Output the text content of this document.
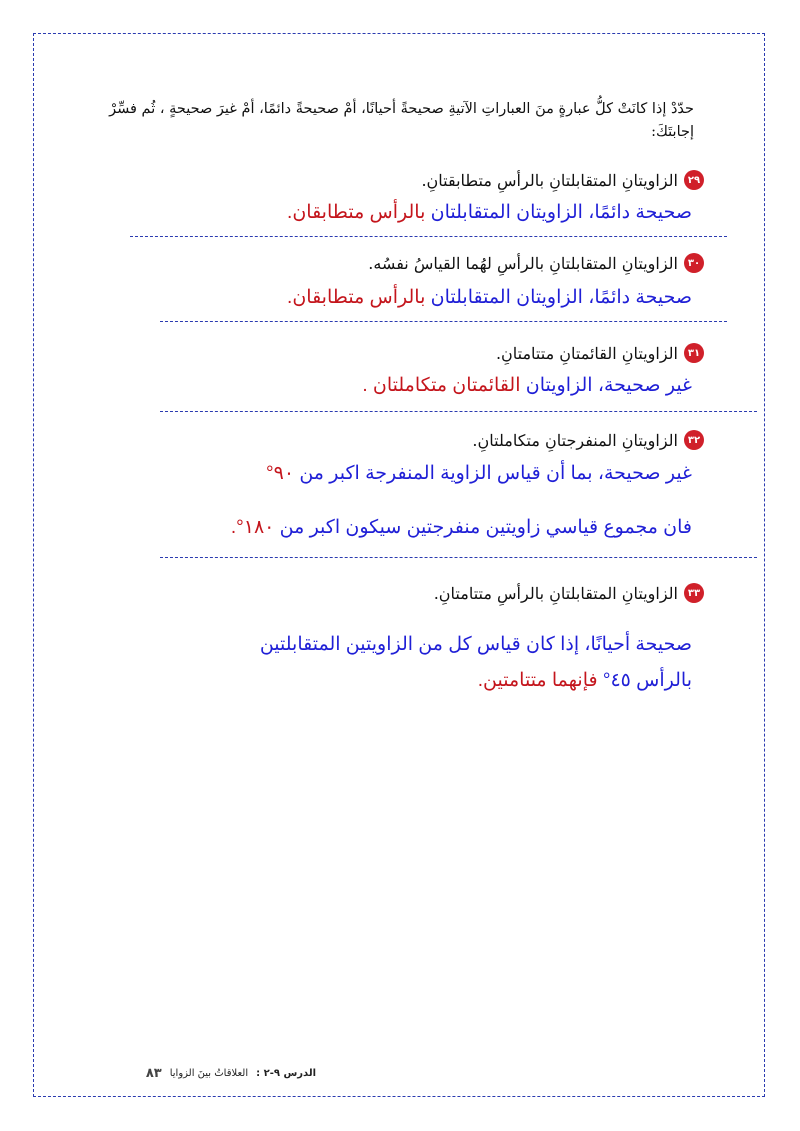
حدّدْ إذا كانَتْ كلُّ عبارةٍ منَ العباراتِ الآتيةِ صحيحةً أحيانًا، أمْ صحيحةً دائمًا، أمْ غيرَ صحيحةٍ ، ثُم فسِّرْ إجابتَكَ:
٢٩
الزاويتانِ المتقابلتانِ بالرأسِ متطابقتانِ.
صحيحة دائمًا، الزاويتان المتقابلتان بالرأس متطابقان.
٣٠
الزاويتانِ المتقابلتانِ بالرأسِ لهُما القياسُ نفسُه.
صحيحة دائمًا، الزاويتان المتقابلتان بالرأس متطابقان.
٣١
الزاويتانِ القائمتانِ متتامتانِ.
غير صحيحة، الزاويتان القائمتان متكاملتان .
٣٢
الزاويتانِ المنفرجتانِ متكاملتانِ.
غير صحيحة، بما أن قياس الزاوية المنفرجة اكبر من ٩٠°
فان مجموع قياسي زاويتين منفرجتين سيكون اكبر من ١٨٠°.
٣٣
الزاويتانِ المتقابلتانِ بالرأسِ متتامتانِ.
صحيحة أحيانًا، إذا كان قياس كل من الزاويتين المتقابلتين
بالرأس ٤٥° فإنهما متتامتين.
الدرس ٩-٢ :
العلاقاتُ بينَ الزوايا
٨٣
